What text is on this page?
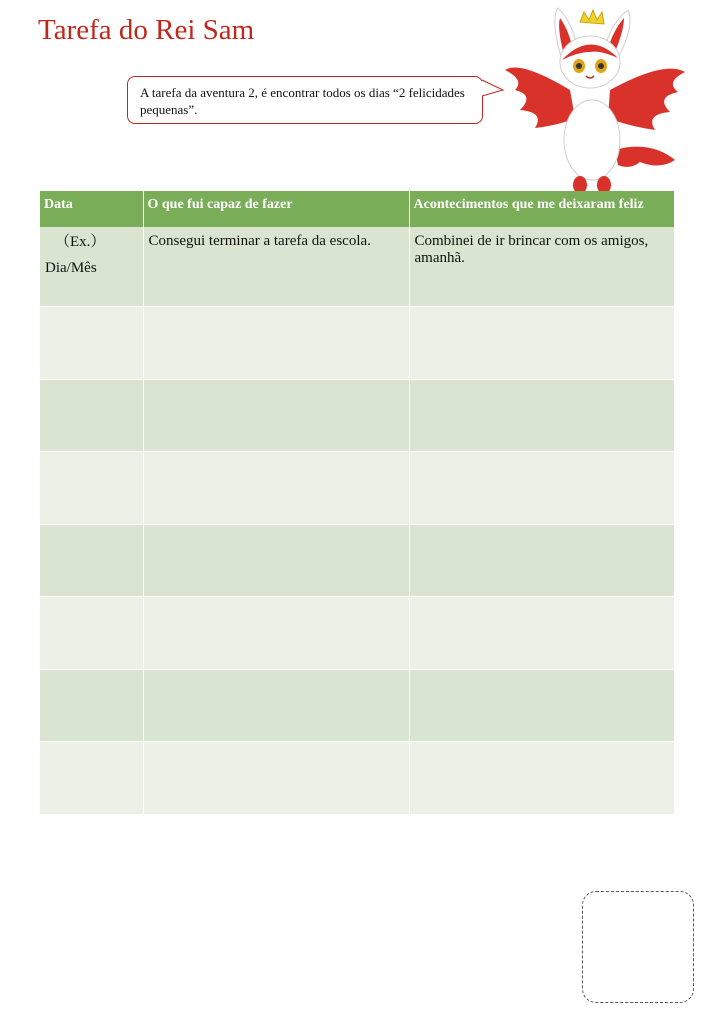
Tarefa do Rei Sam
A tarefa da aventura 2, é encontrar todos os dias “2 felicidades pequenas”.
Data	O que fui capaz de fazer	Acontecimentos que me deixaram feliz

（Ex.）
Dia/Mês	Consegui terminar a tarefa da escola.	Combinei de ir brincar com os amigos, amanhã.
